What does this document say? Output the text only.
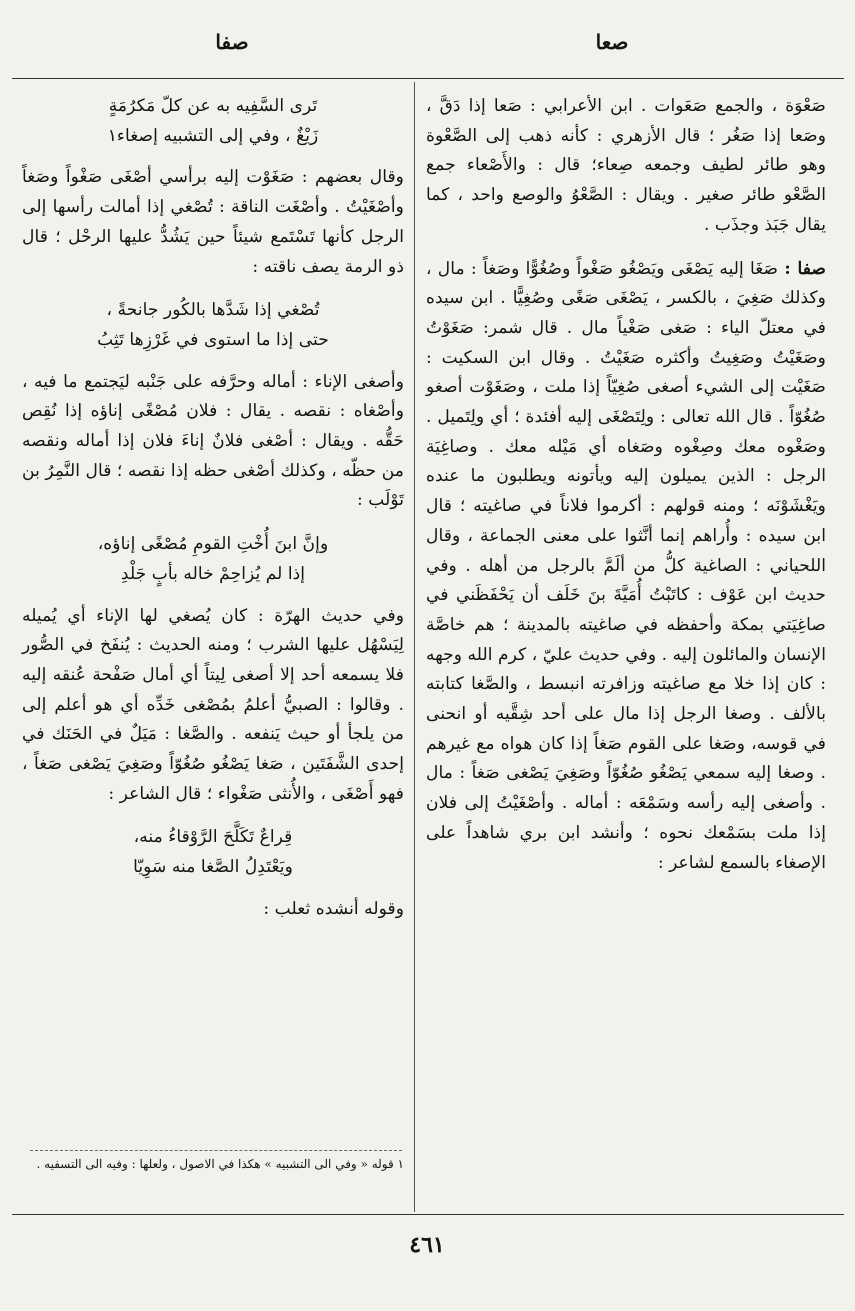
صعا
صفا

صَعْوَة ، والجمع صَعَوات . ابن الأعرابي : صَعا إذا دَقَّ ، وصَعا إذا صَغُر ؛ قال الأزهري : كأنه ذهب إلى الصَّعْوة وهو طائر لطيف وجمعه صِعاء؛ قال : والأَصْعاء جمع الصَّعْو طائر صغير . ويقال : الصَّعْوُ والوصع واحد ، كما يقال جَبَذ وجذَب .

صفا : صَغَا إليه يَصْغَى ويَصْغُو صَغْواً وصُغُوًّا وصَغاً : مال ، وكذلك صَغِيَ ، بالكسر ، يَصْغَى صَغًى وصُغِيًّا . ابن سيده في معتلّ الياء : صَغى صَغْياً مال . قال شمر: صَغَوْتُ وصَغَيْتُ وصَغِيتُ وأكثره صَغَيْتُ . وقال ابن السكيت : صَغَيْت إلى الشيء أصغى صُغِيّاً إذا ملت ، وصَغَوْت أصغو صُغُوّاً . قال الله تعالى : ولِتَصْغَى إليه أفئدة ؛ أي ولِتَميل . وصَغْوه معك وصِغْوه وصَغاه أي مَيْله معك . وصاغِيَة الرجل : الذين يميلون إليه ويأتونه ويطلبون ما عنده ويَغْشَوْنَه ؛ ومنه قولهم : أكرموا فلاناً في صاغيته ؛ قال ابن سيده : وأُراهم إنما أنَّثوا على معنى الجماعة ، وقال اللحياني : الصاغية كلُّ من ألَمَّ بالرجل من أهله . وفي حديث ابن عَوْف : كاتَبْتُ أُمَيَّةَ بنَ خَلَف أن يَحْفَظَني في صاغِيَتي بمكة وأحفظه في صاغيته بالمدينة ؛ هم خاصَّة الإنسان والمائلون إليه . وفي حديث عليّ ، كرم الله وجهه : كان إذا خلا مع صاغيته وزافرته انبسط ، والصَّغا كتابته بالألف . وصغا الرجل إذا مال على أحد شِقَّيه أو انحنى في قوسه، وصَغا على القوم صَغاً إذا كان هواه مع غيرهم . وصغا إليه سمعي يَصْغُو صُغُوّاً وصَغِيَ يَصْغى صَغاً : مال . وأصغى إليه رأسه وسَمْعَه : أماله . وأصْغَيْتُ إلى فلان إذا ملت بسَمْعك نحوه ؛ وأنشد ابن بري شاهداً على الإصغاء بالسمع لشاعر :

تَرى السَّفِيه به عن كلّ مَكرُمَةٍ
زَيْغٌ ، وفي إلى التشبيه إصغاء١

وقال بعضهم : صَغَوْت إليه برأسي أصْغَى صَغْواً وصَغاً وأصْغَيْتُ . وأصْغَت الناقة : تُصْغي إذا أمالت رأسها إلى الرجل كأنها تَسْتَمع شيئاً حين يَشُدُّ عليها الرحْل ؛ قال ذو الرمة يصف ناقته :

تُصْغي إذا شَدَّها بالكُور جانحةً ،
حتى إذا ما استوى في غَرْزِها تَثِبُ

وأصغى الإناء : أماله وحرَّفه على جَنْبه ليَجتمع ما فيه ، وأصْغاه : نقصه . يقال : فلان مُصْغًى إناؤه إذا نُقِص حَقُّه . ويقال : أصْغى فلانٌ إناءَ فلان إذا أماله ونقصه من حظّه ، وكذلك أصْغى حظه إذا نقصه ؛ قال النَّمِرُ بن تَوْلَب :

وإنَّ ابنَ أُخْتِ القومِ مُصْغًى إناؤه،
إذا لم يُزاحِمْ خاله بأبٍ جَلْدِ

وفي حديث الهرّة : كان يُصغي لها الإناء أي يُميله لِيَسْهُل عليها الشرب ؛ ومنه الحديث : يُنفَخ في الصُّور فلا يسمعه أحد إلا أصغى لِيتاً أي أمال صَفْحة عُنقه إليه . وقالوا : الصبيُّ أعلمُ بمُصْغى خَدِّه أي هو أعلم إلى من يلجأ أو حيث يَنفعه . والصَّغا : مَيَلٌ في الحَنَك في إحدى الشَّفَتَين ، صَغا يَصْغُو صُغُوّاً وصَغِيَ يَصْغى صَغاً ، فهو أَصْغَى ، والأُنثى صَغْواء ؛ قال الشاعر :

قِراعٌ تَكَلَّحَ الرَّوْقاءُ منه،
ويَعْتَدِلُ الصَّغا منه سَوِيّا

وقوله أنشده ثعلب :

١ قوله « وفي الى التشبيه » هكذا في الاصول ، ولعلها : وفيه الى التسفيه .
٤٦١
